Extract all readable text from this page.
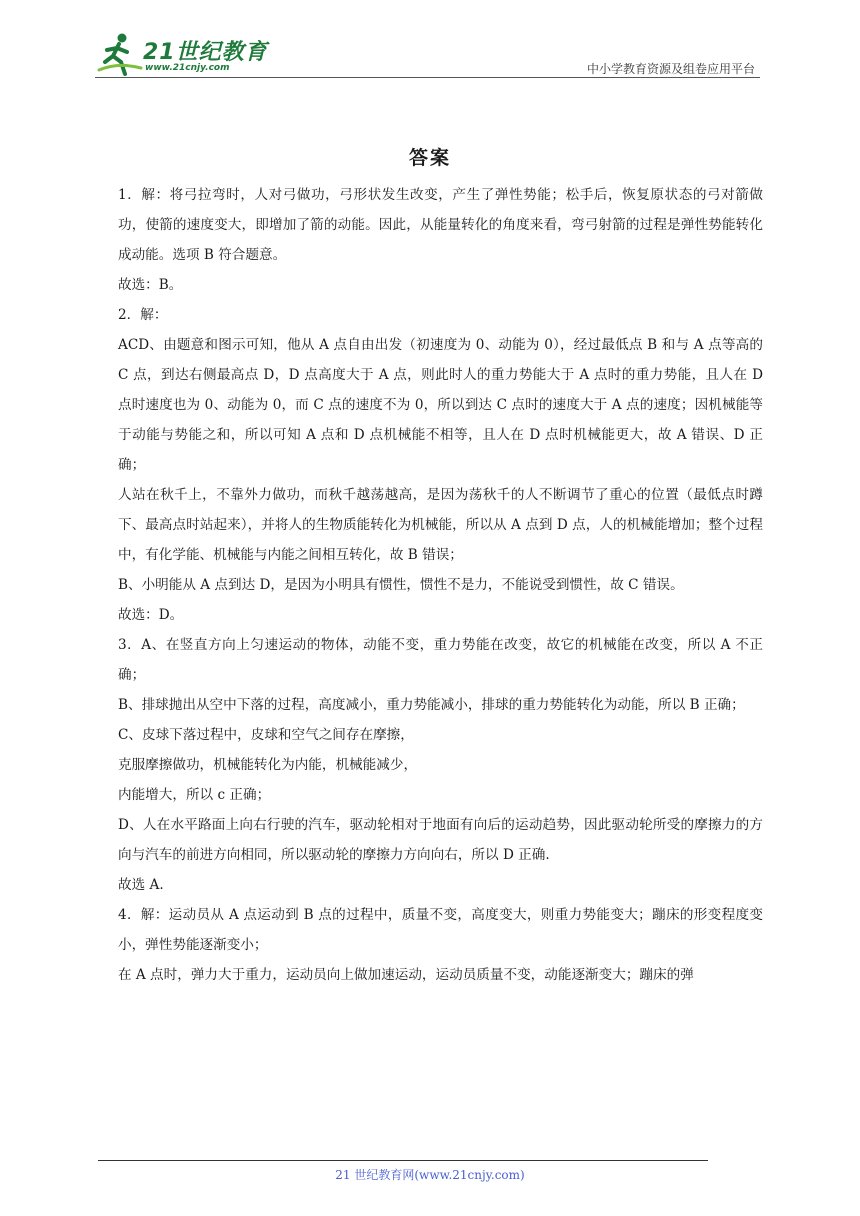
21世纪教育
www.21cnjy.com	中小学教育资源及组卷应用平台
答案

1．解：将弓拉弯时，人对弓做功，弓形状发生改变，产生了弹性势能；松手后，恢复原状态的弓对箭做功，使箭的速度变大，即增加了箭的动能。因此，从能量转化的角度来看，弯弓射箭的过程是弹性势能转化成动能。选项 B 符合题意。

故选：B。

2．解：

ACD、由题意和图示可知，他从 A 点自由出发（初速度为 0、动能为 0），经过最低点 B 和与 A 点等高的 C 点，到达右侧最高点 D，D 点高度大于 A 点，则此时人的重力势能大于 A 点时的重力势能，且人在 D 点时速度也为 0、动能为 0，而 C 点的速度不为 0，所以到达 C 点时的速度大于 A 点的速度；因机械能等于动能与势能之和，所以可知 A 点和 D 点机械能不相等，且人在 D 点时机械能更大，故 A 错误、D 正确；

人站在秋千上，不靠外力做功，而秋千越荡越高，是因为荡秋千的人不断调节了重心的位置（最低点时蹲下、最高点时站起来），并将人的生物质能转化为机械能，所以从 A 点到 D 点，人的机械能增加；整个过程中，有化学能、机械能与内能之间相互转化，故 B 错误；

B、小明能从 A 点到达 D，是因为小明具有惯性，惯性不是力，不能说受到惯性，故 C 错误。

故选：D。

3．A、在竖直方向上匀速运动的物体，动能不变，重力势能在改变，故它的机械能在改变，所以 A 不正确；

B、排球抛出从空中下落的过程，高度减小，重力势能减小，排球的重力势能转化为动能，所以 B 正确；

C、皮球下落过程中，皮球和空气之间存在摩擦，

克服摩擦做功，机械能转化为内能，机械能减少，

内能增大，所以 c 正确；

D、人在水平路面上向右行驶的汽车，驱动轮相对于地面有向后的运动趋势，因此驱动轮所受的摩擦力的方向与汽车的前进方向相同，所以驱动轮的摩擦力方向向右，所以 D 正确.

故选 A.

4．解：运动员从 A 点运动到 B 点的过程中，质量不变，高度变大，则重力势能变大；蹦床的形变程度变小，弹性势能逐渐变小；

在 A 点时，弹力大于重力，运动员向上做加速运动，运动员质量不变，动能逐渐变大；蹦床的弹

21 世纪教育网(www.21cnjy.com)
